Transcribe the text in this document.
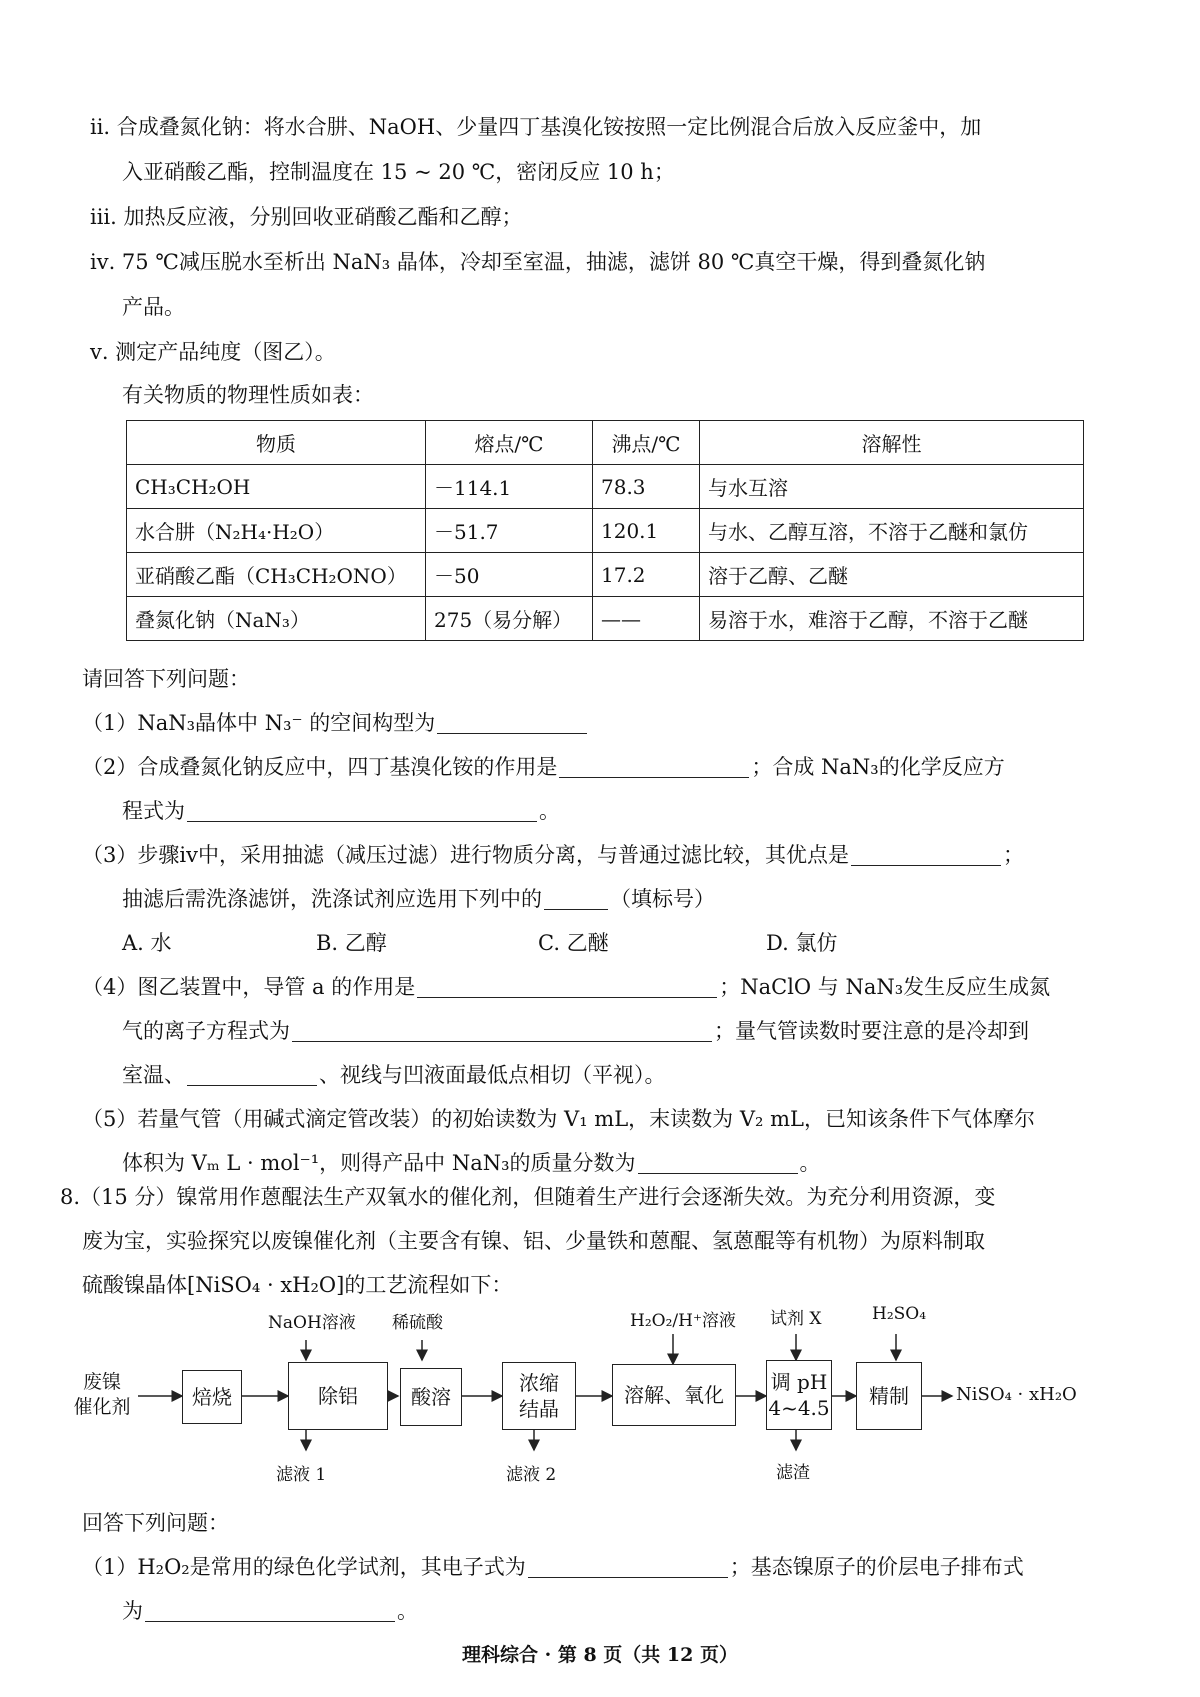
ⅱ. 合成叠氮化钠：将水合肼、NaOH、少量四丁基溴化铵按照一定比例混合后放入反应釜中，加
入亚硝酸乙酯，控制温度在 15 ~ 20 ℃，密闭反应 10 h；
ⅲ. 加热反应液，分别回收亚硝酸乙酯和乙醇；
ⅳ. 75 ℃减压脱水至析出 NaN₃ 晶体，冷却至室温，抽滤，滤饼 80 ℃真空干燥，得到叠氮化钠
产品。
ⅴ. 测定产品纯度（图乙）。
有关物质的物理性质如表：
物质	熔点/℃	沸点/℃	溶解性
CH₃CH₂OH	－114.1	78.3	与水互溶
水合肼（N₂H₄·H₂O）	－51.7	120.1	与水、乙醇互溶，不溶于乙醚和氯仿
亚硝酸乙酯（CH₃CH₂ONO）	－50	17.2	溶于乙醇、乙醚
叠氮化钠（NaN₃）	275（易分解）	——	易溶于水，难溶于乙醇，不溶于乙醚
请回答下列问题：
（1）NaN₃晶体中 N₃⁻ 的空间构型为
（2）合成叠氮化钠反应中，四丁基溴化铵的作用是	；合成 NaN₃的化学反应方
程式为	。
（3）步骤ⅳ中，采用抽滤（减压过滤）进行物质分离，与普通过滤比较，其优点是	；
抽滤后需洗涤滤饼，洗涤试剂应选用下列中的	（填标号）
A. 水	B. 乙醇	C. 乙醚	D. 氯仿
（4）图乙装置中，导管 a 的作用是	；NaClO 与 NaN₃发生反应生成氮
气的离子方程式为	；量气管读数时要注意的是冷却到
室温、	、视线与凹液面最低点相切（平视）。
（5）若量气管（用碱式滴定管改装）的初始读数为 V₁ mL，末读数为 V₂ mL，已知该条件下气体摩尔
体积为 Vₘ L · mol⁻¹，则得产品中 NaN₃的质量分数为	。
8.（15 分）镍常用作蒽醌法生产双氧水的催化剂，但随着生产进行会逐渐失效。为充分利用资源，变
废为宝，实验探究以废镍催化剂（主要含有镍、铝、少量铁和蒽醌、氢蒽醌等有机物）为原料制取
硫酸镍晶体[NiSO₄ · xH₂O]的工艺流程如下：
废镍
催化剂	焙烧	除铝	酸溶
浓缩
结晶
溶解、氧化
调 pH
4~4.5	精制	NiSO₄ · xH₂O
NaOH溶液 稀硫酸	H₂O₂/H⁺溶液 试剂 X	H₂SO₄
滤液 1	滤液 2	滤渣
回答下列问题：
（1）H₂O₂是常用的绿色化学试剂，其电子式为	；基态镍原子的价层电子排布式
为	。
理科综合 · 第 8 页（共 12 页）
